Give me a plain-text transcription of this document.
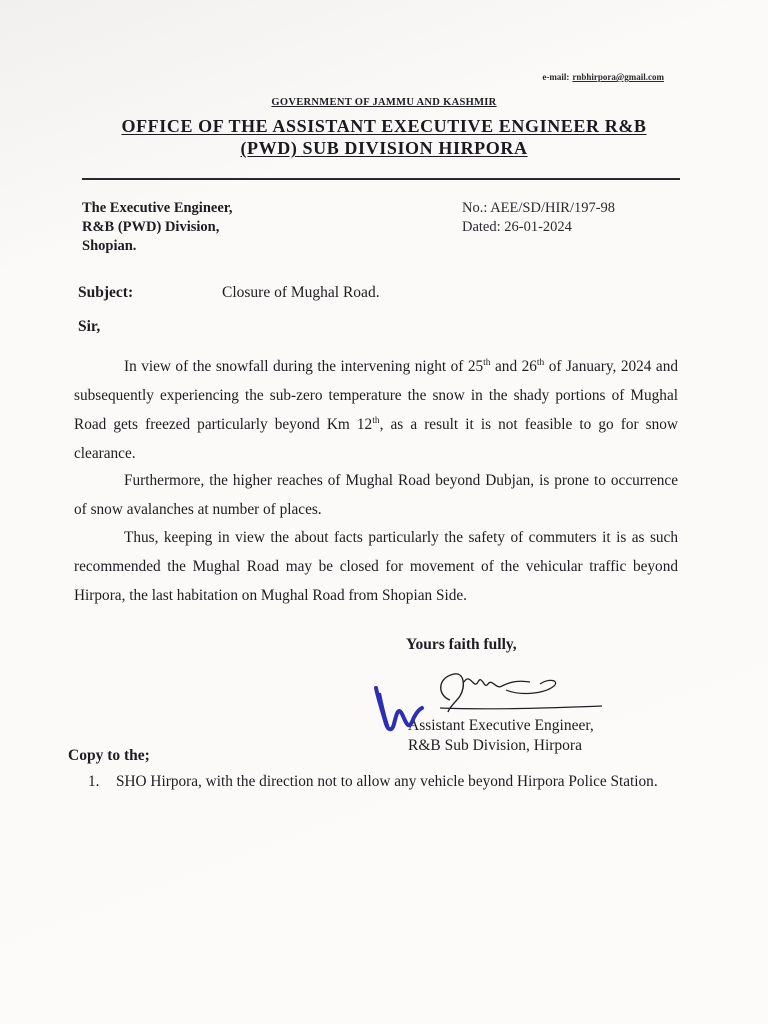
e-mail: rnbhirpora@gmail.com
GOVERNMENT OF JAMMU AND KASHMIR
OFFICE OF THE ASSISTANT EXECUTIVE ENGINEER R&B
(PWD) SUB DIVISION HIRPORA
The Executive Engineer,
R&B (PWD) Division,
Shopian.
No.: AEE/SD/HIR/197-98
Dated: 26-01-2024
Subject:	Closure of Mughal Road.
Sir,

In view of the snowfall during the intervening night of 25th and 26th of January, 2024 and subsequently experiencing the sub-zero temperature the snow in the shady portions of Mughal Road gets freezed particularly beyond Km 12th, as a result it is not feasible to go for snow clearance.

Furthermore, the higher reaches of Mughal Road beyond Dubjan, is prone to occurrence of snow avalanches at number of places.

Thus, keeping in view the about facts particularly the safety of commuters it is as such recommended the Mughal Road may be closed for movement of the vehicular traffic beyond Hirpora, the last habitation on Mughal Road from Shopian Side.

Yours faith fully,
Assistant Executive Engineer,
R&B Sub Division, Hirpora
Copy to the;
1. SHO Hirpora, with the direction not to allow any vehicle beyond Hirpora Police Station.
